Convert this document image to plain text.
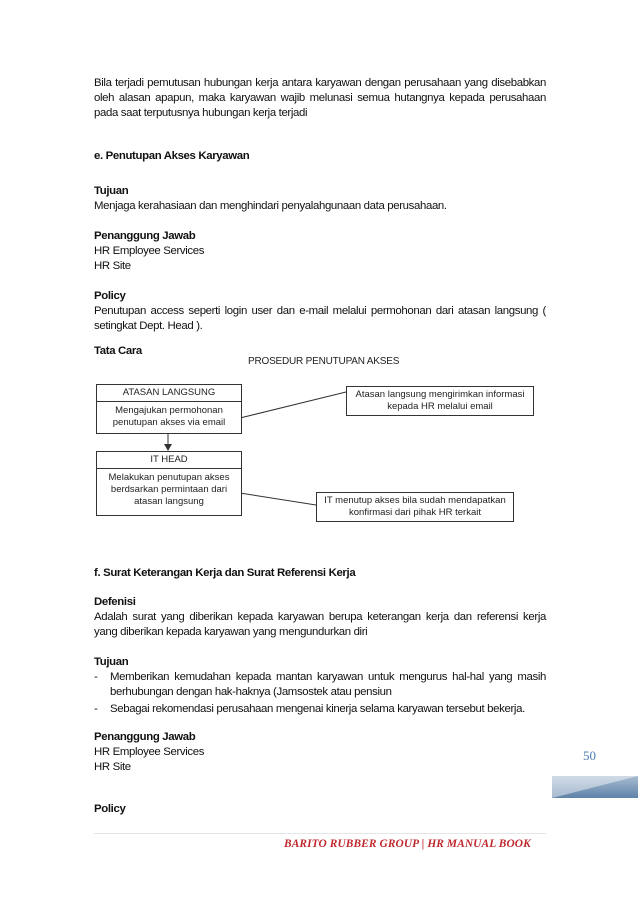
Bila terjadi pemutusan hubungan kerja antara karyawan dengan perusahaan yang disebabkan
oleh alasan apapun, maka karyawan wajib melunasi semua hutangnya kepada perusahaan
pada saat terputusnya hubungan kerja terjadi
e. Penutupan Akses Karyawan
Tujuan
Menjaga kerahasiaan dan menghindari penyalahgunaan data perusahaan.
Penanggung Jawab
HR Employee Services
HR Site
Policy
Penutupan access seperti login user dan e-mail melalui permohonan dari atasan langsung (
setingkat Dept. Head ).
Tata Cara
PROSEDUR PENUTUPAN AKSES
ATASAN LANGSUNG
Mengajukan permohonan
penutupan akses via email
IT HEAD
Melakukan penutupan akses
berdsarkan permintaan dari
atasan langsung
Atasan langsung mengirimkan informasi
kepada HR melalui email
IT menutup akses bila sudah mendapatkan
konfirmasi dari pihak HR terkait
f. Surat Keterangan Kerja dan Surat Referensi Kerja
Defenisi
Adalah surat yang diberikan kepada karyawan berupa keterangan kerja dan referensi kerja
yang diberikan kepada karyawan yang mengundurkan diri
Tujuan
- Memberikan kemudahan kepada mantan karyawan untuk mengurus hal-hal yang masih
berhubungan dengan hak-haknya (Jamsostek atau pensiun
- Sebagai rekomendasi perusahaan mengenai kinerja selama karyawan tersebut bekerja.
Penanggung Jawab
HR Employee Services
HR Site
Policy
50
BARITO RUBBER GROUP | HR MANUAL BOOK
